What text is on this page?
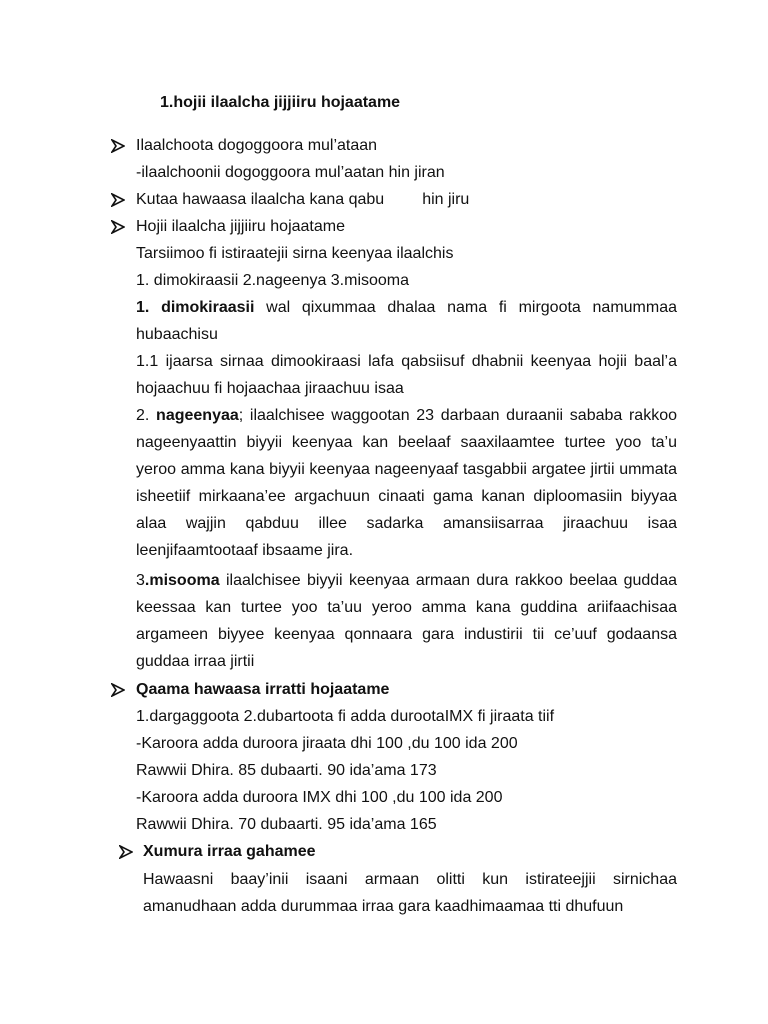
1.hojii ilaalcha jijjiiru hojaatame
Ilaalchoota dogoggoora mul’ataan
-ilaalchoonii dogoggoora mul’aatan hin jiran
Kutaa hawaasa ilaalcha kana qabu hin jiru
Hojii ilaalcha jijjiiru hojaatame
Tarsiimoo fi istiraatejii sirna keenyaa ilaalchis
1. dimokiraasii 2.nageenya 3.misooma
1. dimokiraasii wal qixummaa dhalaa nama fi mirgoota namummaa hubaachisu
1.1 ijaarsa sirnaa dimookiraasi lafa qabsiisuf dhabnii keenyaa hojii baal’a hojaachuu fi hojaachaa jiraachuu isaa
2. nageenyaa; ilaalchisee waggootan 23 darbaan duraanii sababa rakkoo nageenyaattin biyyii keenyaa kan beelaaf saaxilaamtee turtee yoo ta’u yeroo amma kana biyyii keenyaa nageenyaaf tasgabbii argatee jirtii ummata isheetiif mirkaana’ee argachuun cinaati gama kanan diploomasiin biyyaa alaa wajjin qabduu illee sadarka amansiisarraa jiraachuu isaa leenjifaamtootaaf ibsaame jira.
3.misooma ilaalchisee biyyii keenyaa armaan dura rakkoo beelaa guddaa keessaa kan turtee yoo ta’uu yeroo amma kana guddina ariifaachisaa argameen biyyee keenyaa qonnaara gara industirii tii ce’uuf godaansa guddaa irraa jirtii
Qaama hawaasa irratti hojaatame
1.dargaggoota 2.dubartoota fi adda durootaIMX fi jiraata tiif
-Karoora adda duroora jiraata dhi 100 ,du 100 ida 200
Rawwii Dhira. 85 dubaarti. 90 ida’ama 173
-Karoora adda duroora IMX dhi 100 ,du 100 ida 200
Rawwii Dhira. 70 dubaarti. 95 ida’ama 165
Xumura irraa gahamee
Hawaasni baay’inii isaani armaan olitti kun istirateejjii sirnichaa amanudhaan adda durummaa irraa gara kaadhimaamaa tti dhufuun
